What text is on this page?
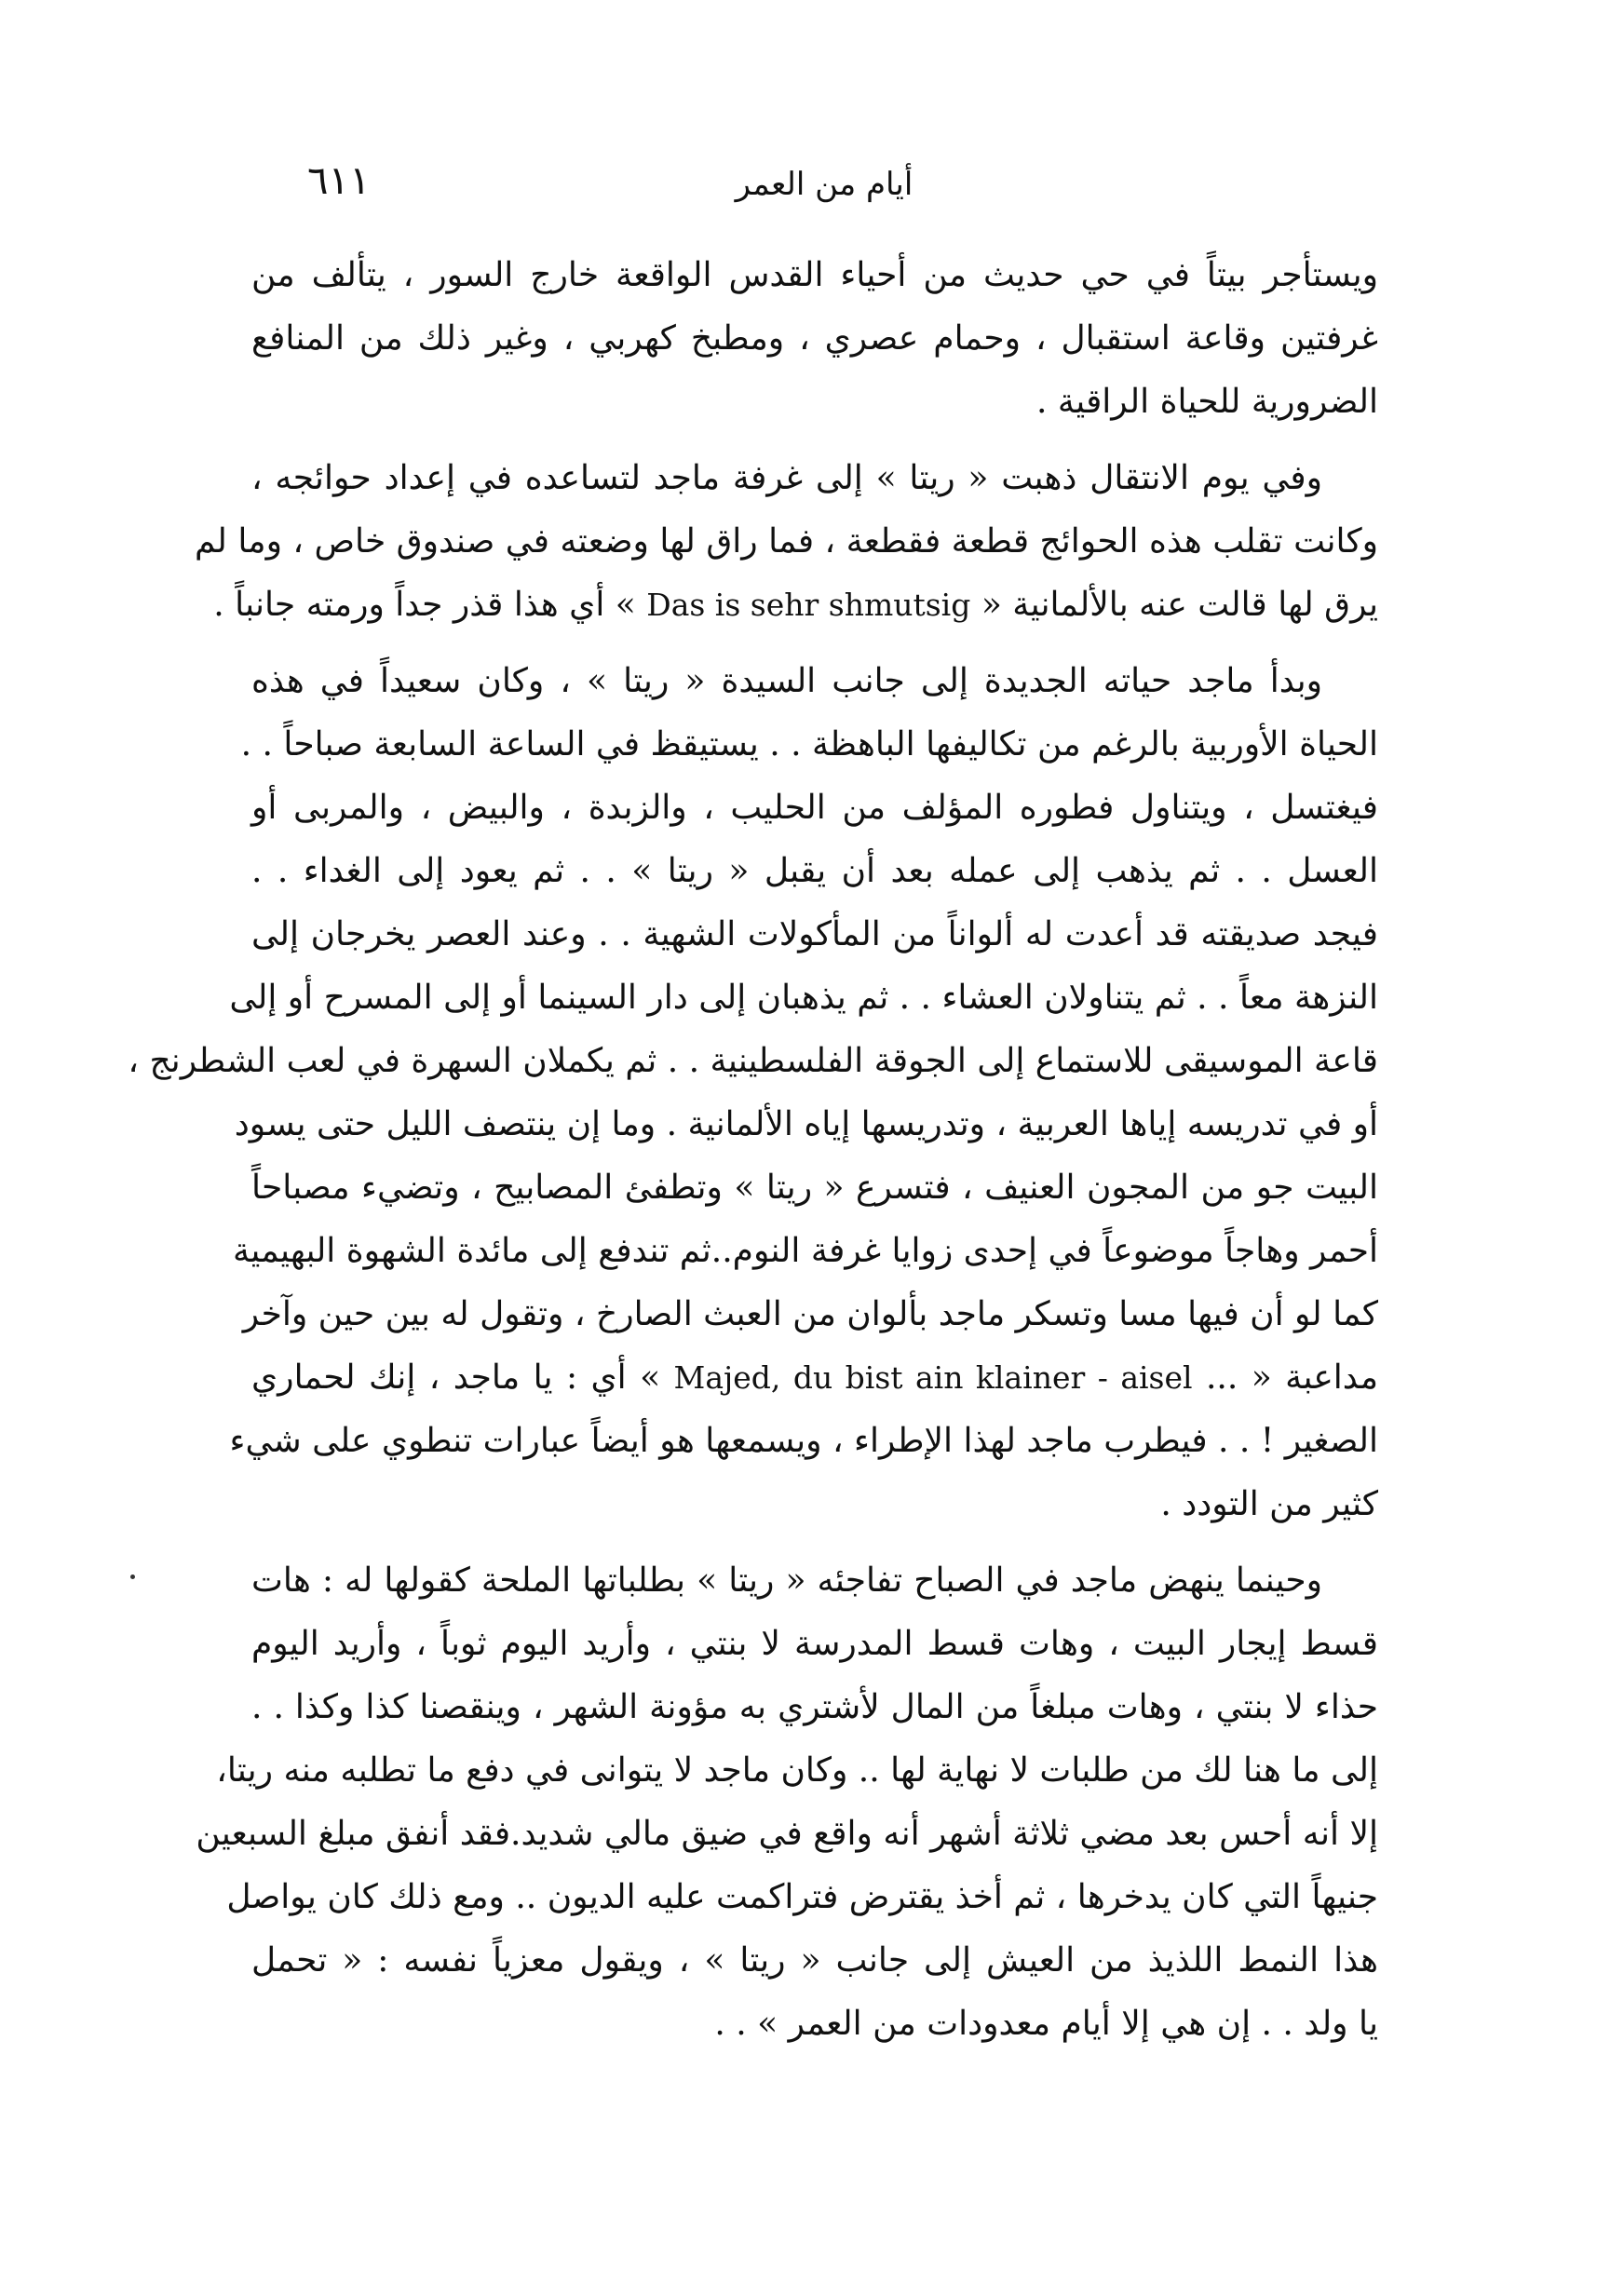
أيام من العمر
٦١١
ويستأجر بيتاً في حي حديث من أحياء القدس الواقعة خارج السور ، يتألف من
غرفتين وقاعة استقبال ، وحمام عصري ، ومطبخ كهربي ، وغير ذلك من المنافع
الضرورية للحياة الراقية .
وفي يوم الانتقال ذهبت « ريتا » إلى غرفة ماجد لتساعده في إعداد حوائجه ،
وكانت تقلب هذه الحوائج قطعة فقطعة ، فما راق لها وضعته في صندوق خاص ، وما لم
يرق لها قالت عنه بالألمانية « Das is sehr shmutsig » أي هذا قذر جداً ورمته جانباً .
وبدأ ماجد حياته الجديدة إلى جانب السيدة « ريتا » ، وكان سعيداً في هذه
الحياة الأوربية بالرغم من تكاليفها الباهظة . . يستيقظ في الساعة السابعة صباحاً . .
فيغتسل ، ويتناول فطوره المؤلف من الحليب ، والزبدة ، والبيض ، والمربى أو
العسل . . ثم يذهب إلى عمله بعد أن يقبل « ريتا » . . ثم يعود إلى الغداء . .
فيجد صديقته قد أعدت له ألواناً من المأكولات الشهية . . وعند العصر يخرجان إلى
النزهة معاً . . ثم يتناولان العشاء . . ثم يذهبان إلى دار السينما أو إلى المسرح أو إلى
قاعة الموسيقى للاستماع إلى الجوقة الفلسطينية . . ثم يكملان السهرة في لعب الشطرنج ،
أو في تدريسه إياها العربية ، وتدريسها إياه الألمانية . وما إن ينتصف الليل حتى يسود
البيت جو من المجون العنيف ، فتسرع « ريتا » وتطفئ المصابيح ، وتضيء مصباحاً
أحمر وهاجاً موضوعاً في إحدى زوايا غرفة النوم..ثم تندفع إلى مائدة الشهوة البهيمية
كما لو أن فيها مسا وتسكر ماجد بألوان من العبث الصارخ ، وتقول له بين حين وآخر
مداعبة « ... Majed, du bist ain klainer - aisel » أي : يا ماجد ، إنك لحماري
الصغير ! . . فيطرب ماجد لهذا الإطراء ، ويسمعها هو أيضاً عبارات تنطوي على شيء
كثير من التودد .
وحينما ينهض ماجد في الصباح تفاجئه « ريتا » بطلباتها الملحة كقولها له : هات
قسط إيجار البيت ، وهات قسط المدرسة لا بنتي ، وأريد اليوم ثوباً ، وأريد اليوم
حذاء لا بنتي ، وهات مبلغاً من المال لأشتري به مؤونة الشهر ، وينقصنا كذا وكذا . .
إلى ما هنا لك من طلبات لا نهاية لها .. وكان ماجد لا يتوانى في دفع ما تطلبه منه ريتا،
إلا أنه أحس بعد مضي ثلاثة أشهر أنه واقع في ضيق مالي شديد.فقد أنفق مبلغ السبعين
جنيهاً التي كان يدخرها ، ثم أخذ يقترض فتراكمت عليه الديون .. ومع ذلك كان يواصل
هذا النمط اللذيذ من العيش إلى جانب « ريتا » ، ويقول معزياً نفسه : « تحمل
يا ولد . . إن هي إلا أيام معدودات من العمر » . .
